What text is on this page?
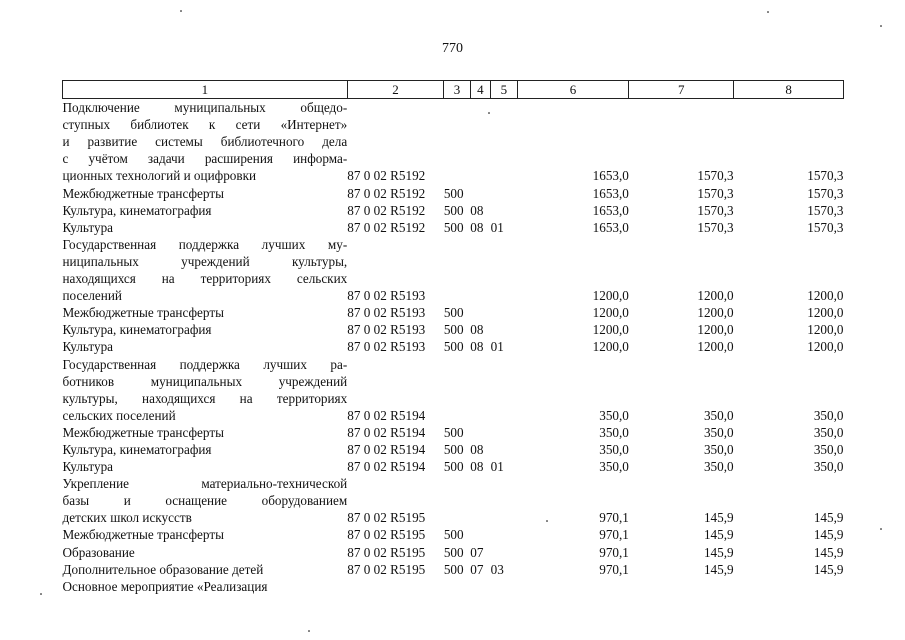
770
1	2	3	4	5	6	7	8

Подключение муниципальных общедо-
ступных библиотек к сети «Интернет»
и развитие системы библиотечного дела
с учётом задачи расширения информа-
ционных технологий и оцифровки	87 0 02 R5192				1653,0	1570,3	1570,3

Межбюджетные трансферты	87 0 02 R5192	500			1653,0	1570,3	1570,3

Культура, кинематография	87 0 02 R5192	500	08		1653,0	1570,3	1570,3

Культура	87 0 02 R5192	500	08	01	1653,0	1570,3	1570,3

Государственная поддержка лучших му-
ниципальных учреждений культуры,
находящихся на территориях сельских
поселений	87 0 02 R5193				1200,0	1200,0	1200,0

Межбюджетные трансферты	87 0 02 R5193	500			1200,0	1200,0	1200,0

Культура, кинематография	87 0 02 R5193	500	08		1200,0	1200,0	1200,0

Культура	87 0 02 R5193	500	08	01	1200,0	1200,0	1200,0

Государственная поддержка лучших ра-
ботников муниципальных учреждений
культуры, находящихся на территориях
сельских поселений	87 0 02 R5194				350,0	350,0	350,0

Межбюджетные трансферты	87 0 02 R5194	500			350,0	350,0	350,0

Культура, кинематография	87 0 02 R5194	500	08		350,0	350,0	350,0

Культура	87 0 02 R5194	500	08	01	350,0	350,0	350,0

Укрепление материально-технической
базы и оснащение оборудованием
детских школ искусств	87 0 02 R5195				970,1	145,9	145,9

Межбюджетные трансферты	87 0 02 R5195	500			970,1	145,9	145,9

Образование	87 0 02 R5195	500	07		970,1	145,9	145,9

Дополнительное образование детей	87 0 02 R5195	500	07	03	970,1	145,9	145,9

Основное мероприятие «Реализация							
